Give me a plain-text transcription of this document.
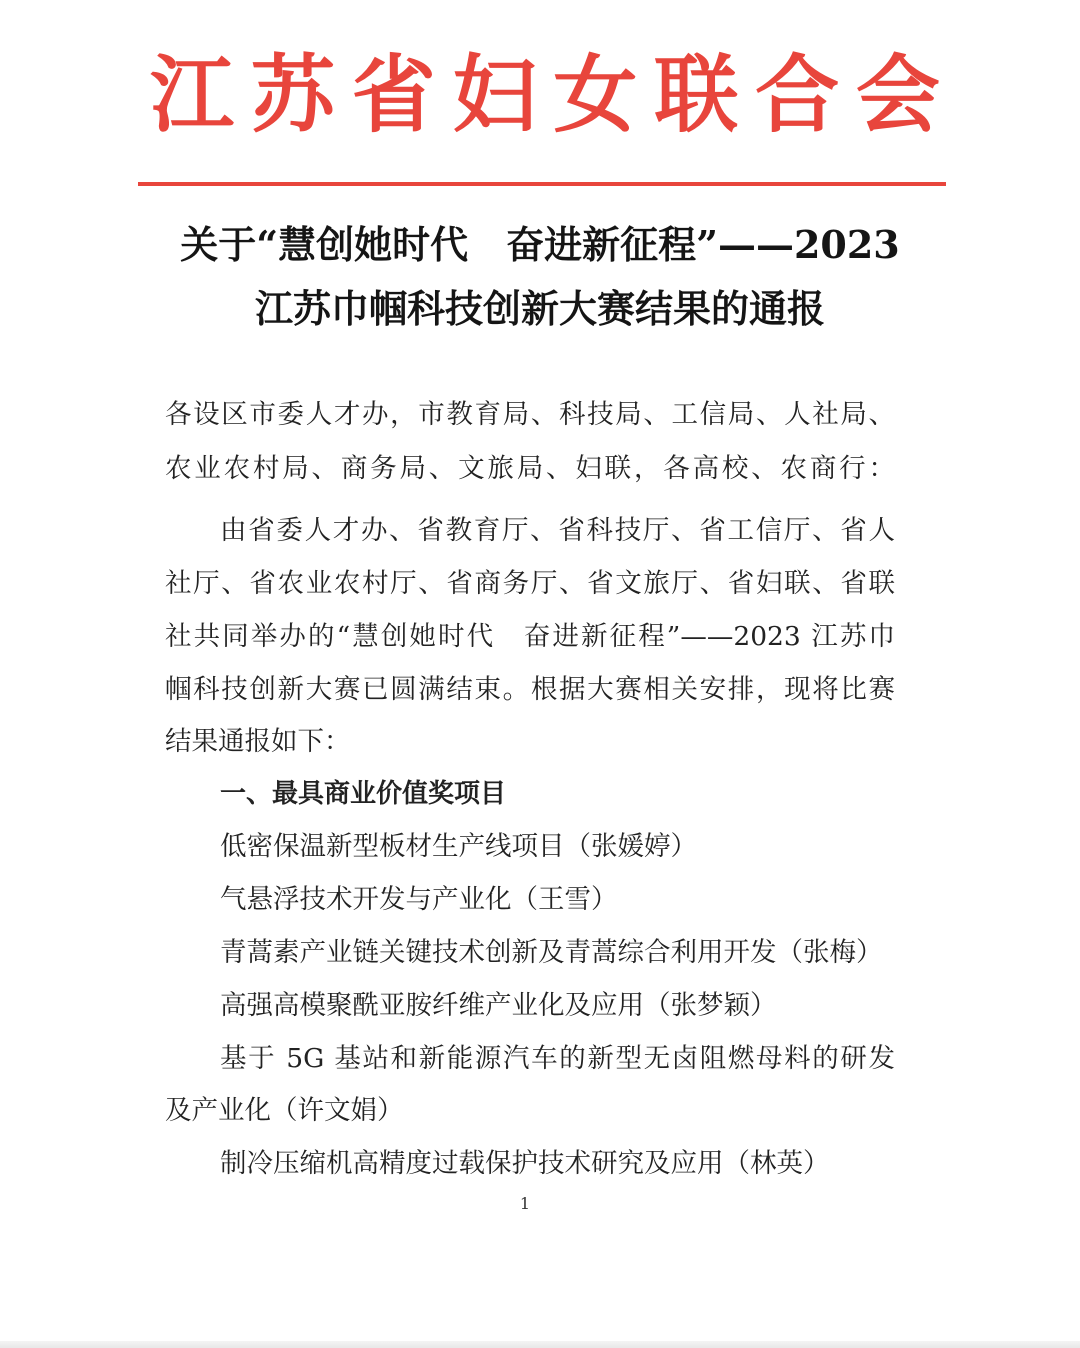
江 苏 省 妇 女 联 合 会
关于“慧创她时代　奋进新征程”——2023
江苏巾帼科技创新大赛结果的通报
各设区市委人才办，市教育局、科技局、工信局、人社局、
农业农村局、商务局、文旅局、妇联，各高校、农商行：
由省委人才办、省教育厅、省科技厅、省工信厅、省人
社厅、省农业农村厅、省商务厅、省文旅厅、省妇联、省联
社共同举办的“慧创她时代　奋进新征程”——2023 江苏巾
帼科技创新大赛已圆满结束。根据大赛相关安排，现将比赛
结果通报如下：
一、最具商业价值奖项目
低密保温新型板材生产线项目（张媛婷）
气悬浮技术开发与产业化（王雪）
青蒿素产业链关键技术创新及青蒿综合利用开发（张梅）
高强高模聚酰亚胺纤维产业化及应用（张梦颖）
基于 5G 基站和新能源汽车的新型无卤阻燃母料的研发
及产业化（许文娟）
制冷压缩机高精度过载保护技术研究及应用（林英）
1
